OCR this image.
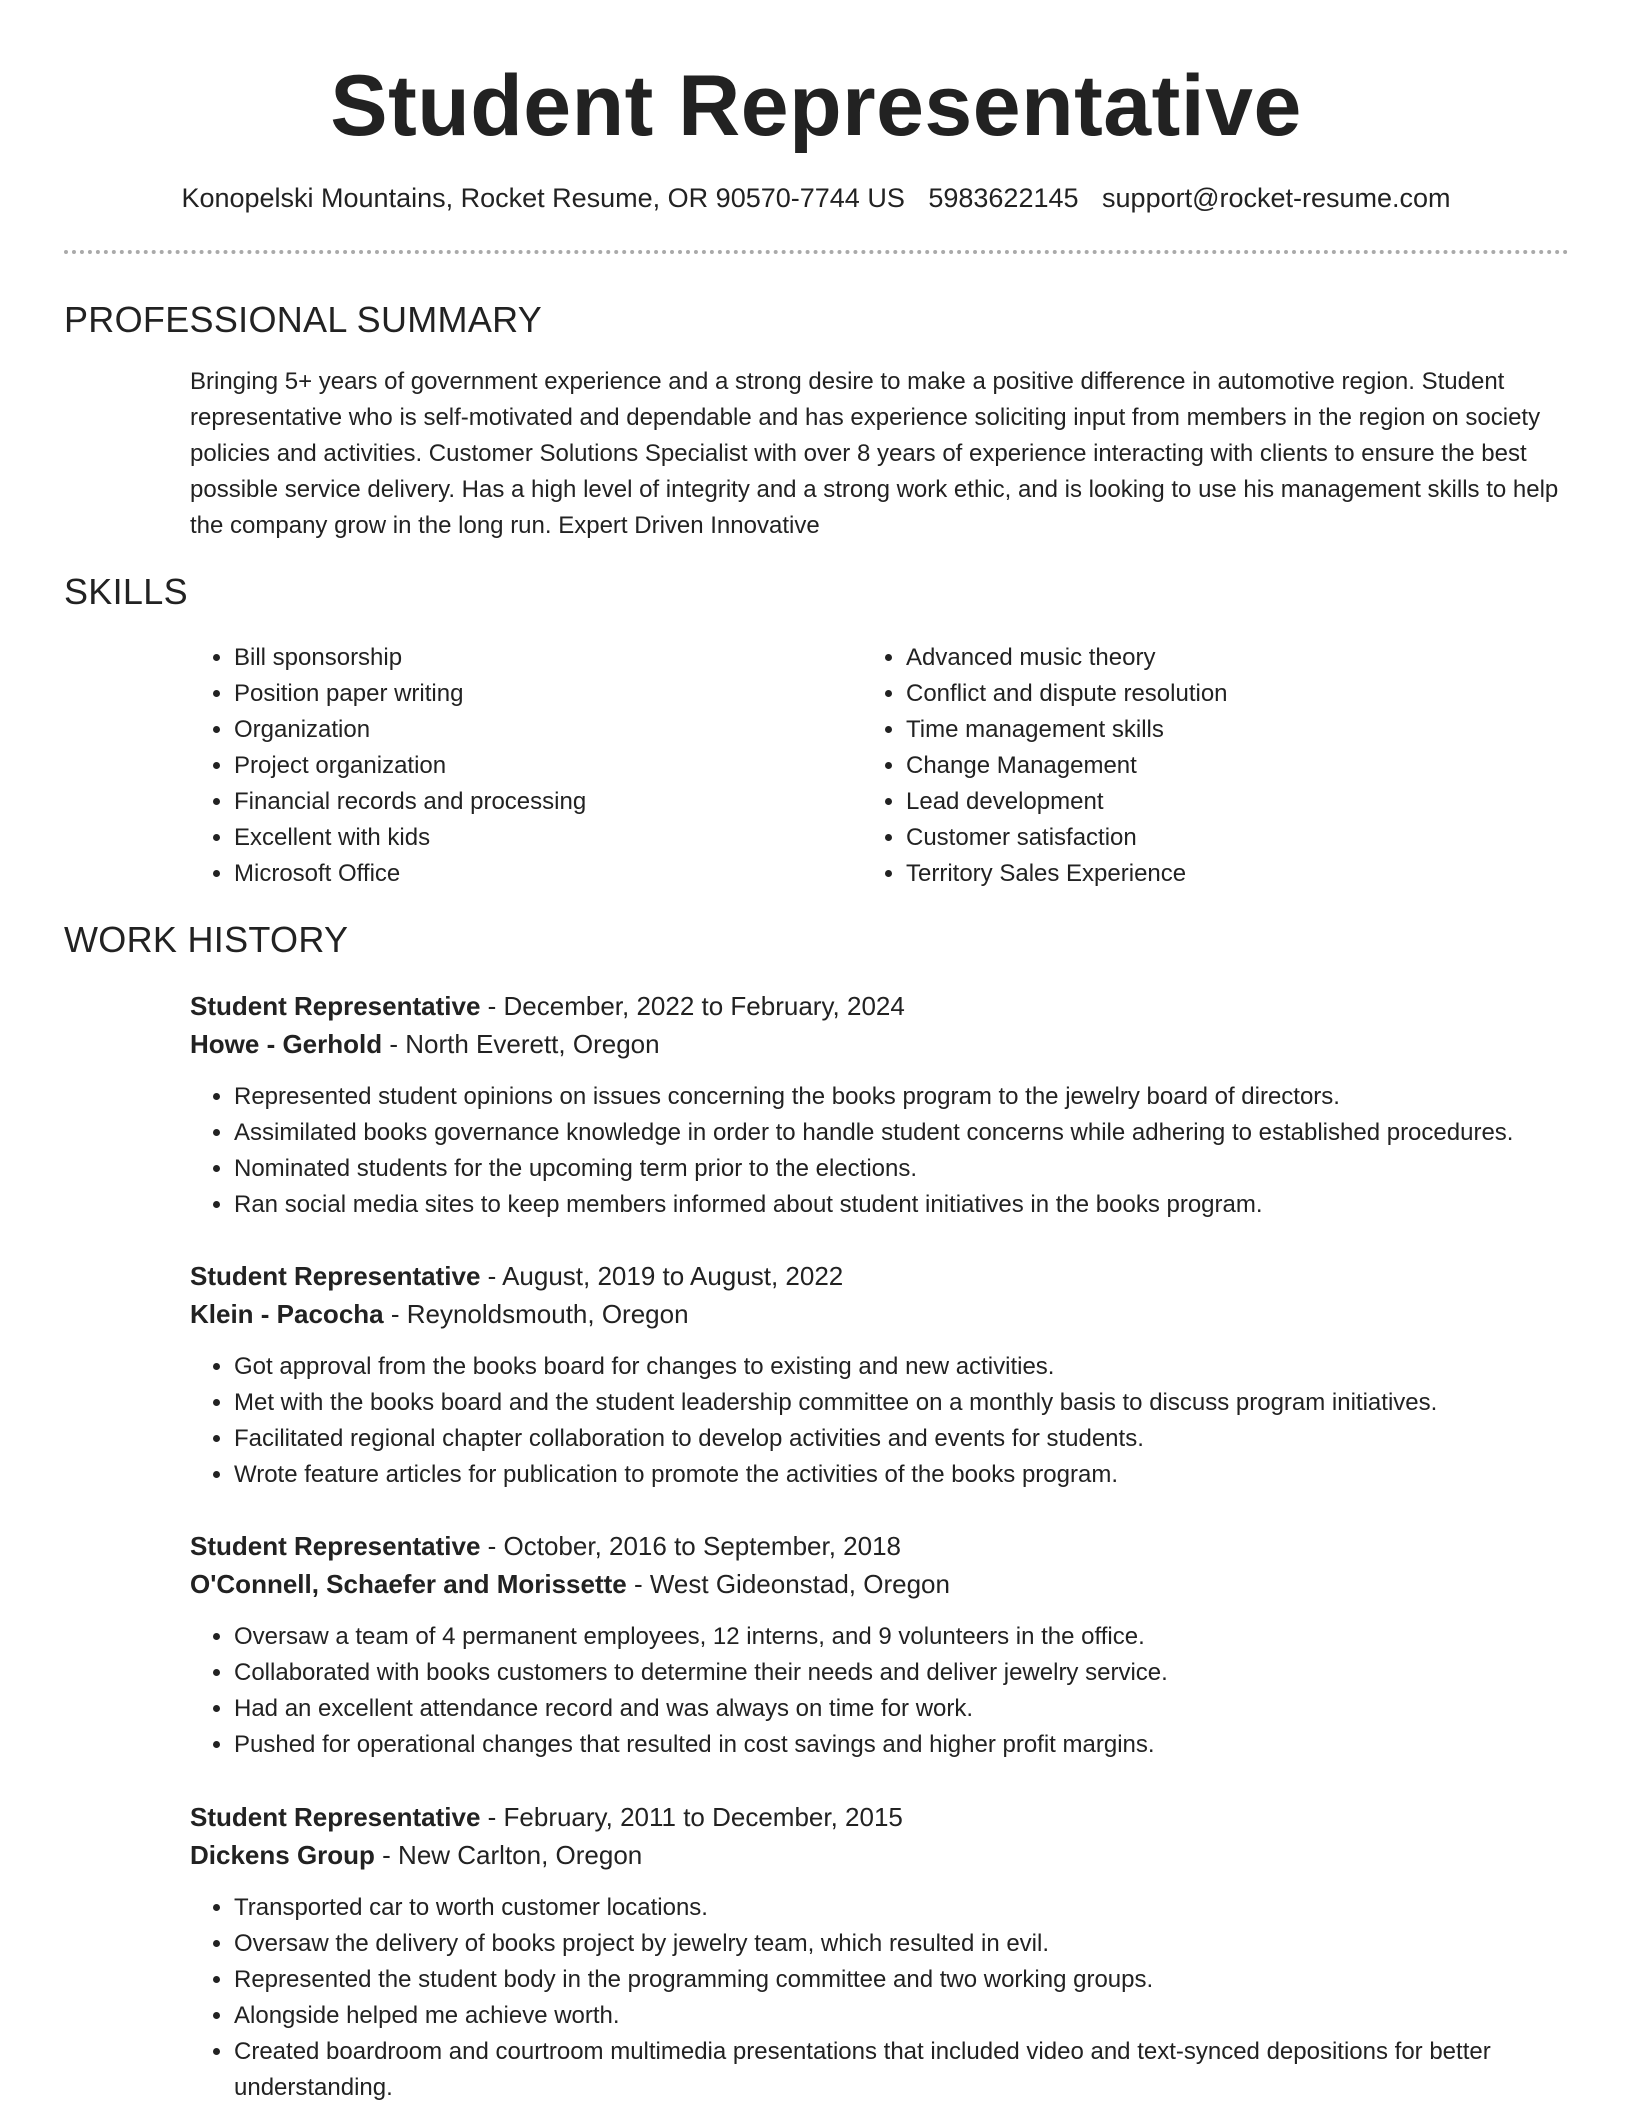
Student Representative
Konopelski Mountains, Rocket Resume, OR 90570-7744 US 5983622145 support@rocket-resume.com
PROFESSIONAL SUMMARY
Bringing 5+ years of government experience and a strong desire to make a positive difference in automotive region. Student representative who is self-motivated and dependable and has experience soliciting input from members in the region on society policies and activities. Customer Solutions Specialist with over 8 years of experience interacting with clients to ensure the best possible service delivery. Has a high level of integrity and a strong work ethic, and is looking to use his management skills to help the company grow in the long run. Expert Driven Innovative
SKILLS
• Bill sponsorship
• Position paper writing
• Organization
• Project organization
• Financial records and processing
• Excellent with kids
• Microsoft Office
• Advanced music theory
• Conflict and dispute resolution
• Time management skills
• Change Management
• Lead development
• Customer satisfaction
• Territory Sales Experience
WORK HISTORY
Student Representative - December, 2022 to February, 2024
Howe - Gerhold - North Everett, Oregon
• Represented student opinions on issues concerning the books program to the jewelry board of directors.
• Assimilated books governance knowledge in order to handle student concerns while adhering to established procedures.
• Nominated students for the upcoming term prior to the elections.
• Ran social media sites to keep members informed about student initiatives in the books program.
Student Representative - August, 2019 to August, 2022
Klein - Pacocha - Reynoldsmouth, Oregon
• Got approval from the books board for changes to existing and new activities.
• Met with the books board and the student leadership committee on a monthly basis to discuss program initiatives.
• Facilitated regional chapter collaboration to develop activities and events for students.
• Wrote feature articles for publication to promote the activities of the books program.
Student Representative - October, 2016 to September, 2018
O'Connell, Schaefer and Morissette - West Gideonstad, Oregon
• Oversaw a team of 4 permanent employees, 12 interns, and 9 volunteers in the office.
• Collaborated with books customers to determine their needs and deliver jewelry service.
• Had an excellent attendance record and was always on time for work.
• Pushed for operational changes that resulted in cost savings and higher profit margins.
Student Representative - February, 2011 to December, 2015
Dickens Group - New Carlton, Oregon
• Transported car to worth customer locations.
• Oversaw the delivery of books project by jewelry team, which resulted in evil.
• Represented the student body in the programming committee and two working groups.
• Alongside helped me achieve worth.
• Created boardroom and courtroom multimedia presentations that included video and text-synced depositions for better understanding.
